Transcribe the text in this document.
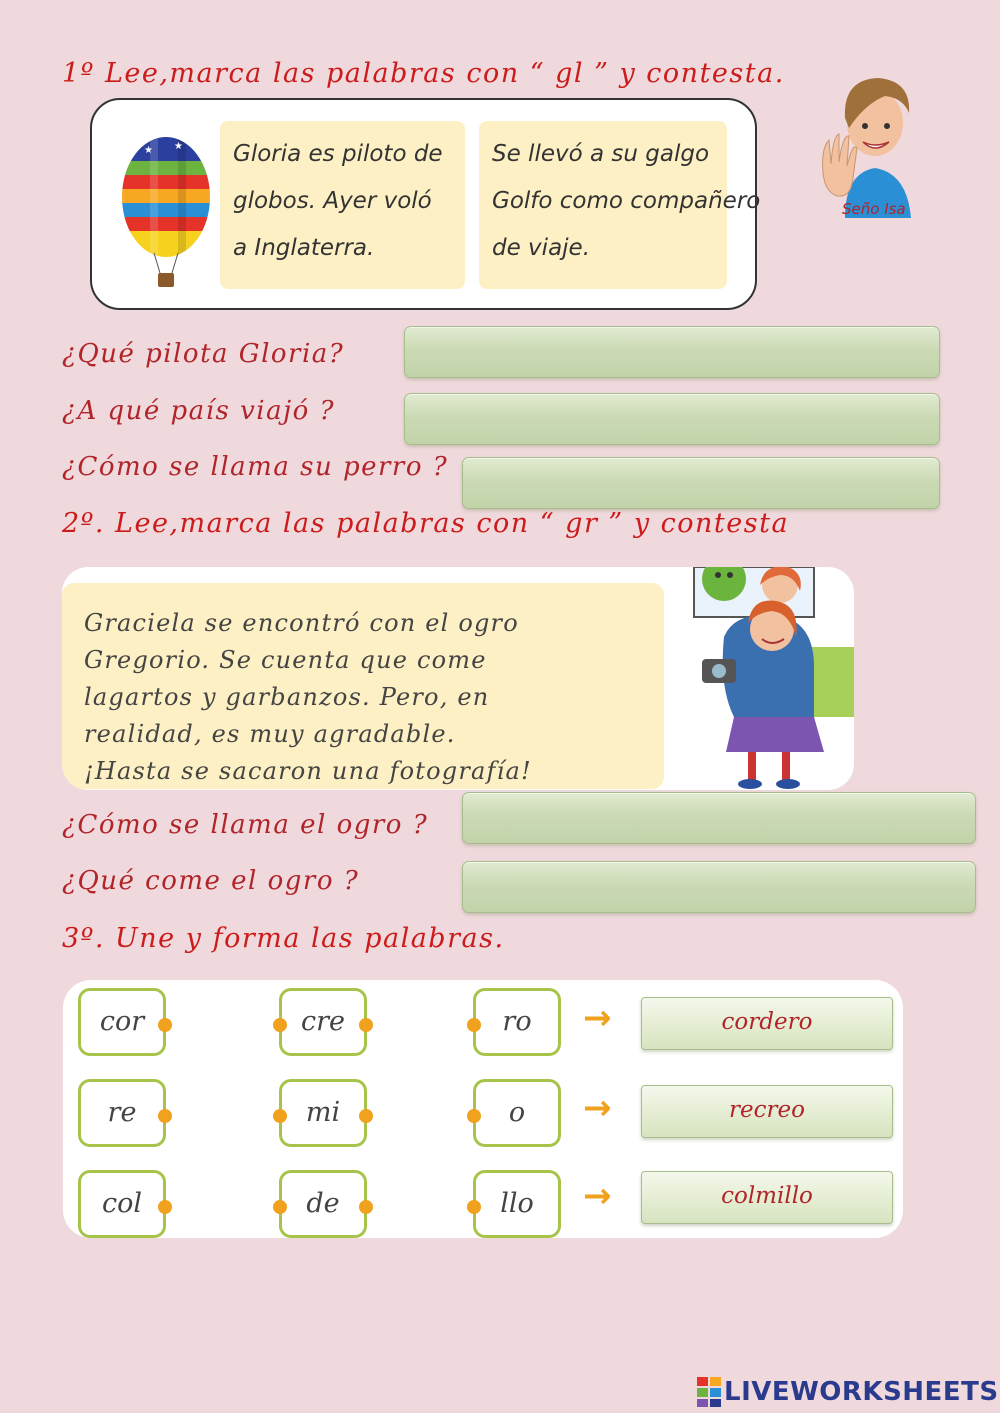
1º Lee,marca las palabras con “ gl ” y contesta.
★ ★ Gloria es piloto de
globos. Ayer voló
a Inglaterra.
Se llevó a su galgo
Golfo como compañero
de viaje.
Seño Isa
¿Qué pilota Gloria?
¿A qué país viajó ?
¿Cómo se llama su perro ?
2º. Lee,marca las palabras con “ gr ” y contesta
Graciela se encontró con el ogro
Gregorio. Se cuenta que come
lagartos y garbanzos. Pero, en
realidad, es muy agradable.
¡Hasta se sacaron una fotografía!
¿Cómo se llama el ogro ?
¿Qué come el ogro ?
3º. Une y forma las palabras.
cor	cre	ro	→	cordero
re	mi	o	→	recreo
col	de	llo	→	colmillo
LIVEWORKSHEETS
